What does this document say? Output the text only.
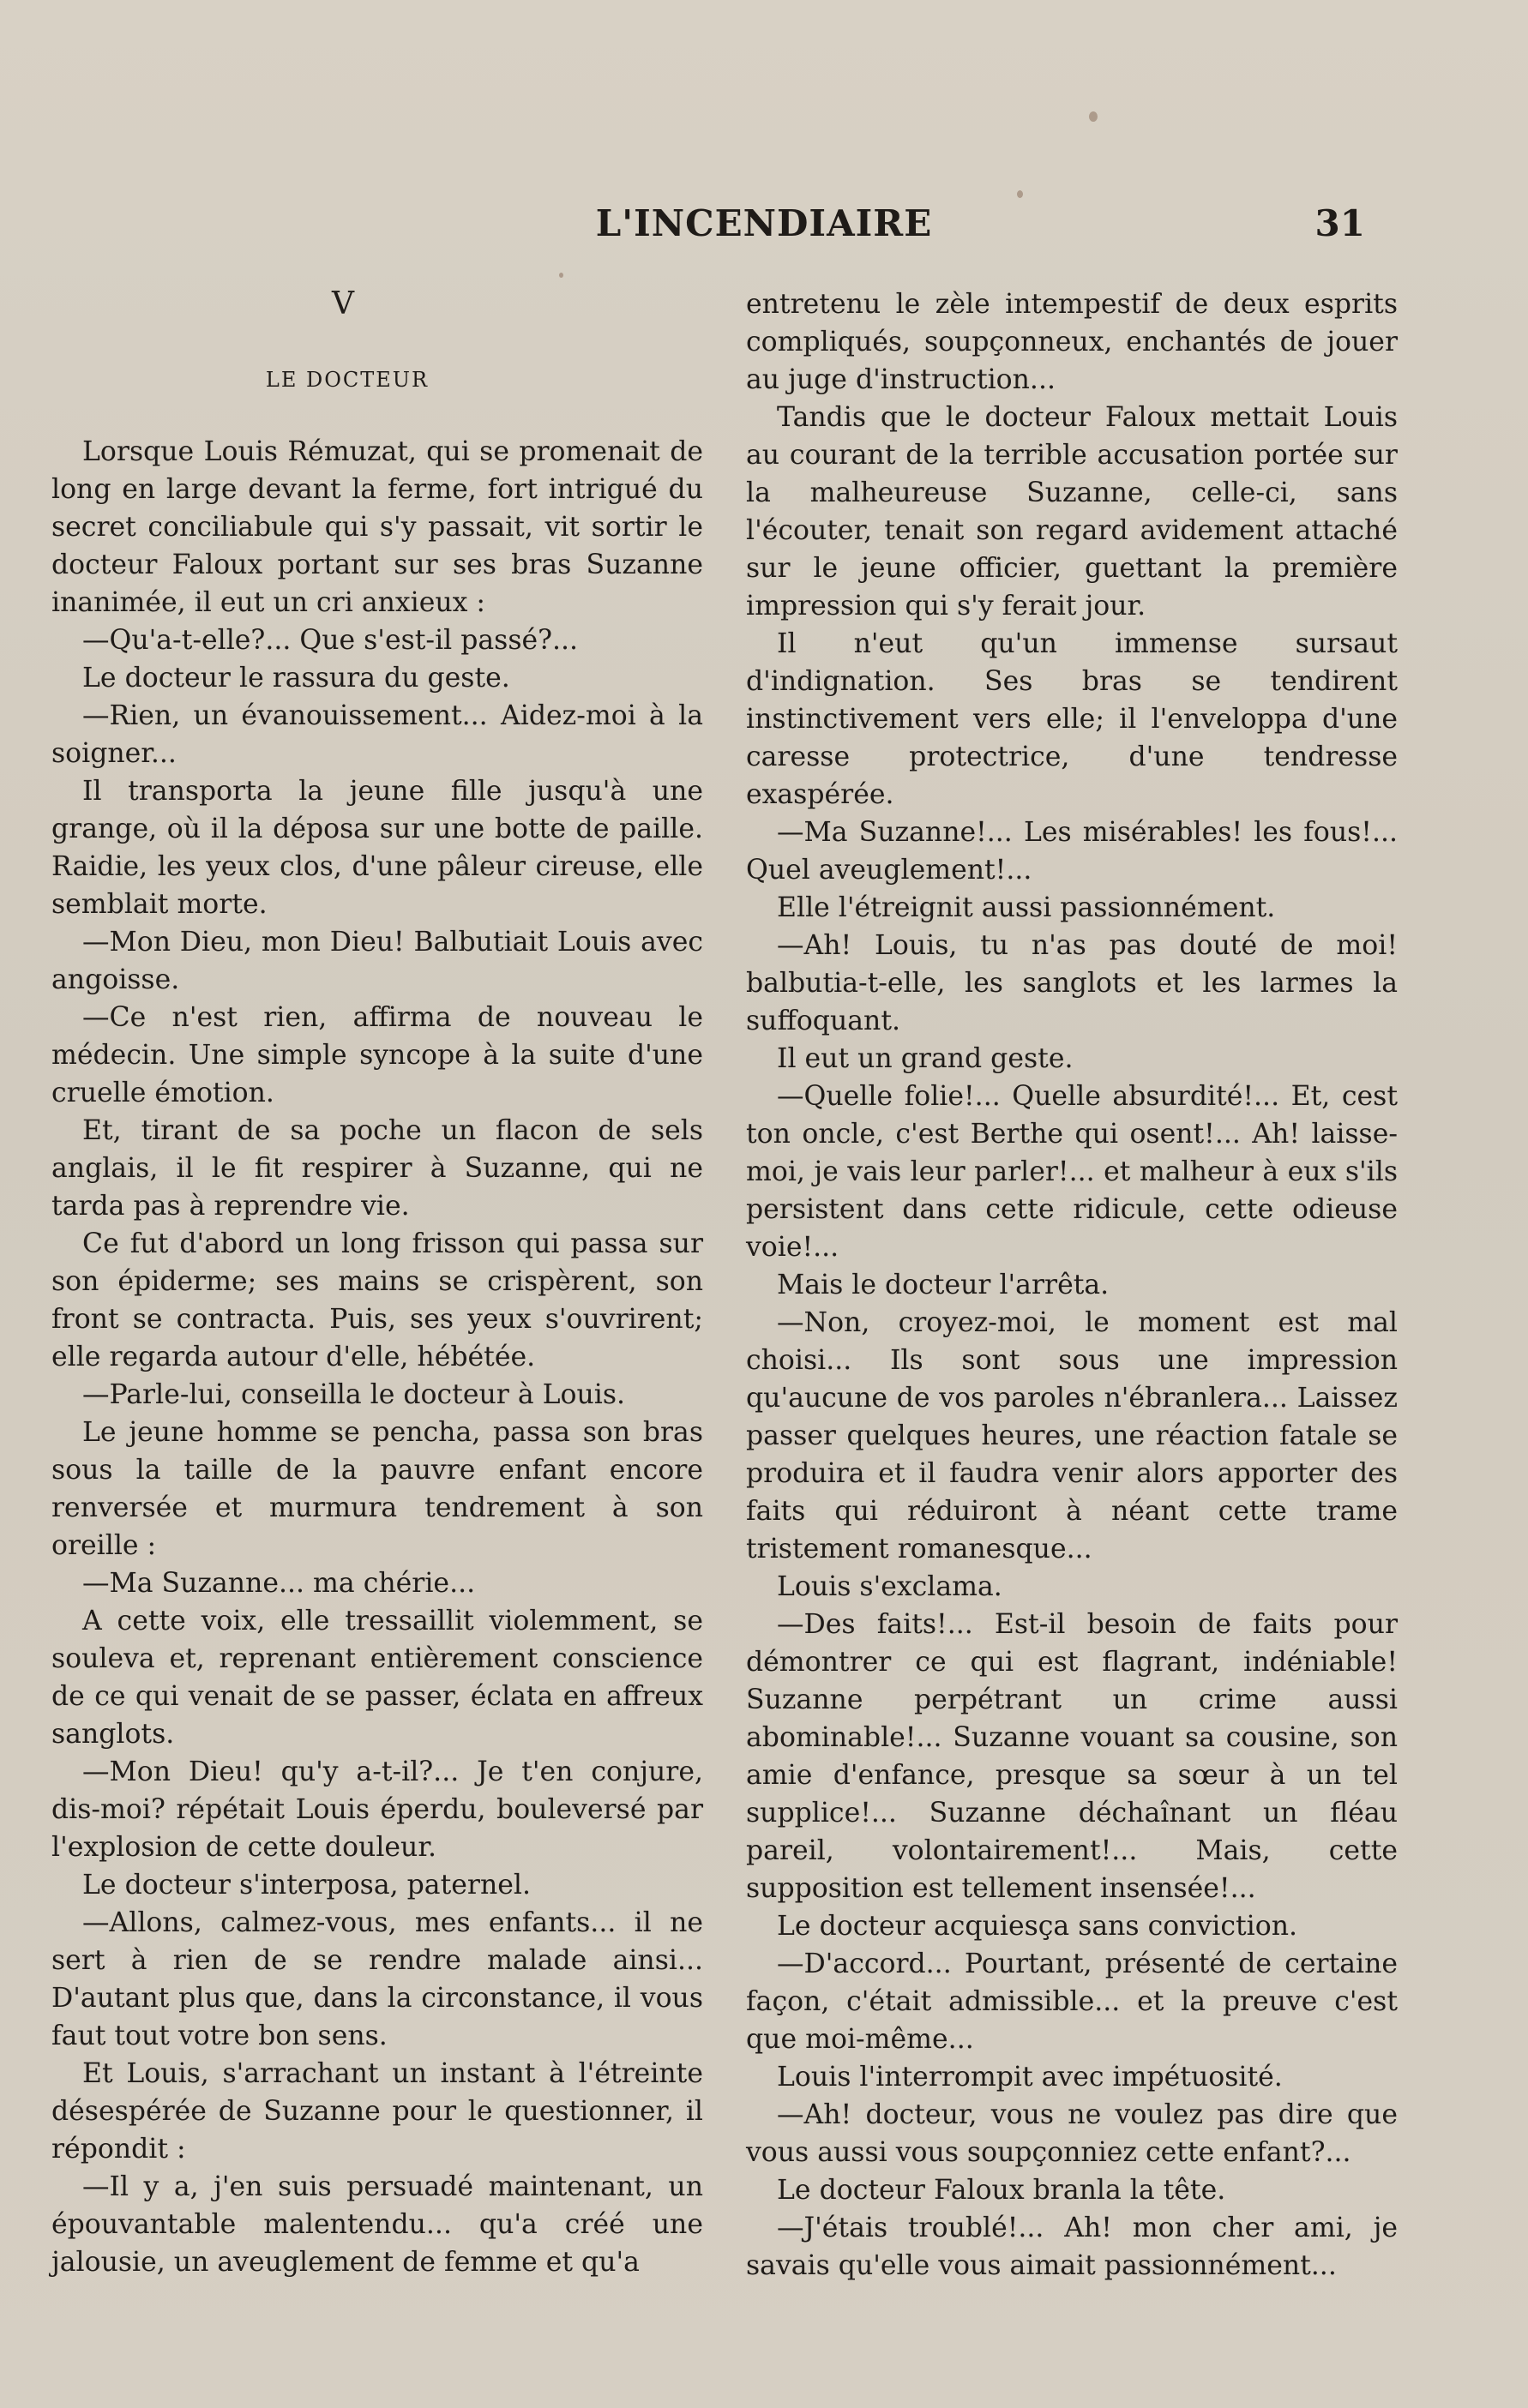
L'INCENDIAIRE	31
V
LE DOCTEUR

Lorsque Louis Rémuzat, qui se promenait de long en large devant la ferme, fort intrigué du secret conciliabule qui s'y passait, vit sortir le docteur Faloux portant sur ses bras Suzanne inanimée, il eut un cri anxieux :

—Qu'a-t-elle?... Que s'est-il passé?...

Le docteur le rassura du geste.

—Rien, un évanouissement... Aidez-moi à la soigner...

Il transporta la jeune fille jusqu'à une grange, où il la déposa sur une botte de paille. Raidie, les yeux clos, d'une pâleur cireuse, elle semblait morte.

—Mon Dieu, mon Dieu! Balbutiait Louis avec angoisse.

—Ce n'est rien, affirma de nouveau le médecin. Une simple syncope à la suite d'une cruelle émotion.

Et, tirant de sa poche un flacon de sels anglais, il le fit respirer à Suzanne, qui ne tarda pas à reprendre vie.

Ce fut d'abord un long frisson qui passa sur son épiderme; ses mains se crispèrent, son front se contracta. Puis, ses yeux s'ouvrirent; elle regarda autour d'elle, hébétée.

—Parle-lui, conseilla le docteur à Louis.

Le jeune homme se pencha, passa son bras sous la taille de la pauvre enfant encore renversée et murmura tendrement à son oreille :

—Ma Suzanne... ma chérie...

A cette voix, elle tressaillit violemment, se souleva et, reprenant entièrement conscience de ce qui venait de se passer, éclata en affreux sanglots.

—Mon Dieu! qu'y a-t-il?... Je t'en conjure, dis-moi? répétait Louis éperdu, bouleversé par l'explosion de cette douleur.

Le docteur s'interposa, paternel.

—Allons, calmez-vous, mes enfants... il ne sert à rien de se rendre malade ainsi... D'autant plus que, dans la circonstance, il vous faut tout votre bon sens.

Et Louis, s'arrachant un instant à l'étreinte désespérée de Suzanne pour le questionner, il répondit :

—Il y a, j'en suis persuadé maintenant, un épouvantable malentendu... qu'a créé une jalousie, un aveuglement de femme et qu'a

entretenu le zèle intempestif de deux esprits compliqués, soupçonneux, enchantés de jouer au juge d'instruction...

Tandis que le docteur Faloux mettait Louis au courant de la terrible accusation portée sur la malheureuse Suzanne, celle-ci, sans l'écouter, tenait son regard avidement attaché sur le jeune officier, guettant la première impression qui s'y ferait jour.

Il n'eut qu'un immense sursaut d'indignation. Ses bras se tendirent instinctivement vers elle; il l'enveloppa d'une caresse protectrice, d'une tendresse exaspérée.

—Ma Suzanne!... Les misérables! les fous!... Quel aveuglement!...

Elle l'étreignit aussi passionnément.

—Ah! Louis, tu n'as pas douté de moi! balbutia-t-elle, les sanglots et les larmes la suffoquant.

Il eut un grand geste.

—Quelle folie!... Quelle absurdité!... Et, cest ton oncle, c'est Berthe qui osent!... Ah! laisse-moi, je vais leur parler!... et malheur à eux s'ils persistent dans cette ridicule, cette odieuse voie!...

Mais le docteur l'arrêta.

—Non, croyez-moi, le moment est mal choisi... Ils sont sous une impression qu'aucune de vos paroles n'ébranlera... Laissez passer quelques heures, une réaction fatale se produira et il faudra venir alors apporter des faits qui réduiront à néant cette trame tristement romanesque...

Louis s'exclama.

—Des faits!... Est-il besoin de faits pour démontrer ce qui est flagrant, indéniable! Suzanne perpétrant un crime aussi abominable!... Suzanne vouant sa cousine, son amie d'enfance, presque sa sœur à un tel supplice!... Suzanne déchaînant un fléau pareil, volontairement!... Mais, cette supposition est tellement insensée!...

Le docteur acquiesça sans conviction.

—D'accord... Pourtant, présenté de certaine façon, c'était admissible... et la preuve c'est que moi-même...

Louis l'interrompit avec impétuosité.

—Ah! docteur, vous ne voulez pas dire que vous aussi vous soupçonniez cette enfant?...

Le docteur Faloux branla la tête.

—J'étais troublé!... Ah! mon cher ami, je savais qu'elle vous aimait passionnément...
